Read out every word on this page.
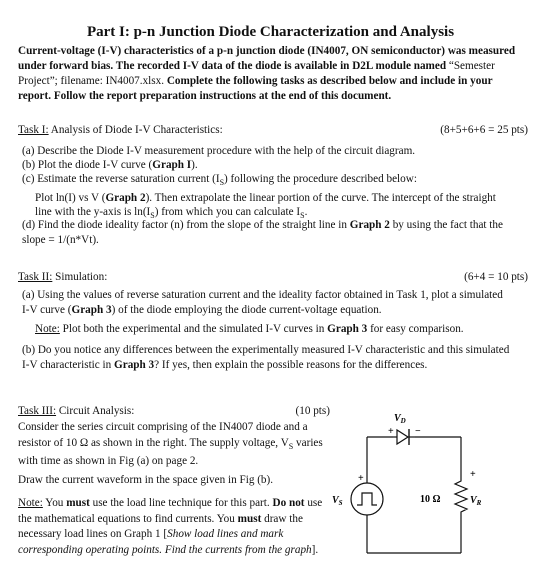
Part I: p-n Junction Diode Characterization and Analysis
Current-voltage (I-V) characteristics of a p-n junction diode (IN4007, ON semiconductor) was measured under forward bias. The recorded I-V data of the diode is available in D2L module named “Semester Project”; filename: IN4007.xlsx. Complete the following tasks as described below and include in your report. Follow the report preparation instructions at the end of this document.
Task I: Analysis of Diode I-V Characteristics:	(8+5+6+6 = 25 pts)
(a) Describe the Diode I-V measurement procedure with the help of the circuit diagram.
(b) Plot the diode I-V curve (Graph I).
(c) Estimate the reverse saturation current $(I_S)$ following the procedure described below:
Plot ln(I) vs V (Graph 2). Then extrapolate the linear portion of the curve. The intercept of the straight line with the y-axis is $\ln(I_S)$ from which you can calculate $I_S$.
(d) Find the diode ideality factor (n) from the slope of the straight line in Graph 2 by using the fact that the slope = 1/(n*Vt).
Task II: Simulation:	(6+4 = 10 pts)
(a) Using the values of reverse saturation current and the ideality factor obtained in Task 1, plot a simulated I-V curve (Graph 3) of the diode employing the diode current-voltage equation.
Note: Plot both the experimental and the simulated I-V curves in Graph 3 for easy comparison.
(b) Do you notice any differences between the experimentally measured I-V characteristic and this simulated I-V characteristic in Graph 3? If yes, then explain the possible reasons for the differences.
Task III: Circuit Analysis:	(10 pts)
Consider the series circuit comprising of the IN4007 diode and a resistor of 10 Ω as shown in the right. The supply voltage, $V_S$ varies with time as shown in Fig (a) on page 2.
Draw the current waveform in the space given in Fig (b).
Note: You must use the load line technique for this part. Do not use the mathematical equations to find currents. You must draw the necessary load lines on Graph 1 [Show load lines and mark corresponding operating points. Find the currents from the graph].
$V_D$
+ −
+
$V_S$	10 Ω
+
$V_R$
